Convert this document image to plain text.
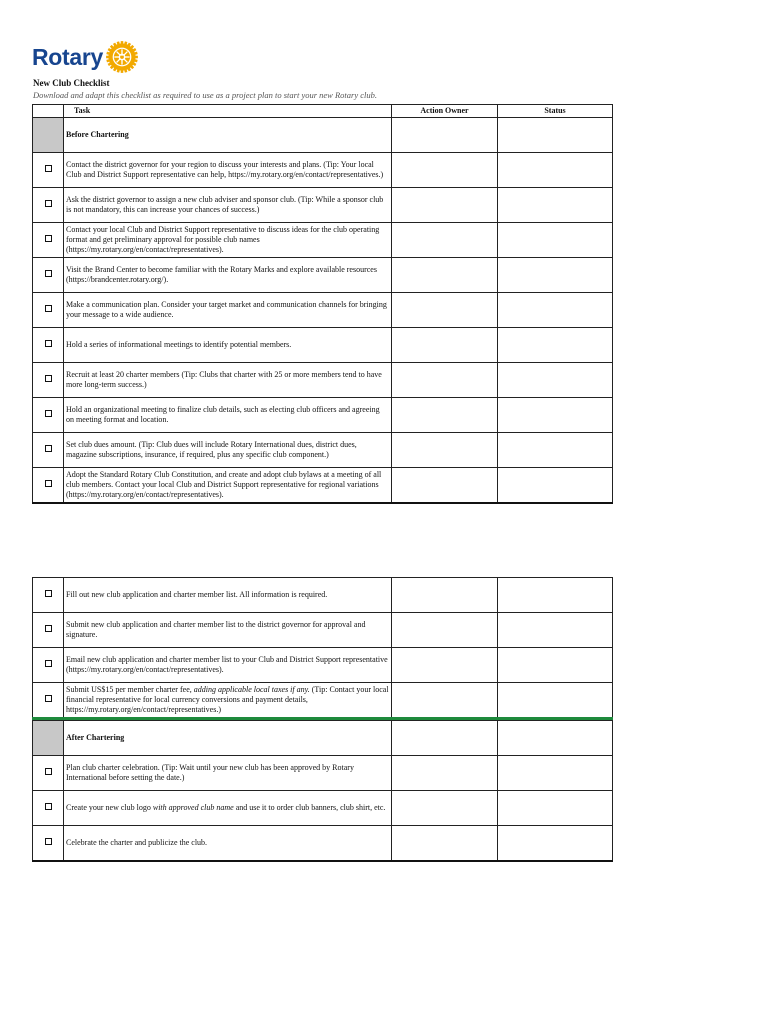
Rotary
New Club Checklist
Download and adapt this checklist as required to use as a project plan to start your new Rotary club.
	Task	Action Owner	Status
	Before Chartering		
	Contact the district governor for your region to discuss your interests and plans. (Tip: Your local Club and District Support representative can help, https://my.rotary.org/en/contact/representatives.)		
	Ask the district governor to assign a new club adviser and sponsor club. (Tip: While a sponsor club is not mandatory, this can increase your chances of success.)		
	Contact your local Club and District Support representative to discuss ideas for the club operating format and get preliminary approval for possible club names (https://my.rotary.org/en/contact/representatives).		
	Visit the Brand Center to become familiar with the Rotary Marks and explore available resources (https://brandcenter.rotary.org/).		
	Make a communication plan. Consider your target market and communication channels for bringing your message to a wide audience.		
	Hold a series of informational meetings to identify potential members.		
	Recruit at least 20 charter members (Tip: Clubs that charter with 25 or more members tend to have more long-term success.)		
	Hold an organizational meeting to finalize club details, such as electing club officers and agreeing on meeting format and location.		
	Set club dues amount. (Tip: Club dues will include Rotary International dues, district dues, magazine subscriptions, insurance, if required, plus any specific club component.)		
	Adopt the Standard Rotary Club Constitution, and create and adopt club bylaws at a meeting of all club members. Contact your local Club and District Support representative for regional variations (https://my.rotary.org/en/contact/representatives).		
	Fill out new club application and charter member list. All information is required.		
	Submit new club application and charter member list to the district governor for approval and signature.		
	Email new club application and charter member list to your Club and District Support representative (https://my.rotary.org/en/contact/representatives).		
	Submit US$15 per member charter fee, adding applicable local taxes if any. (Tip: Contact your local financial representative for local currency conversions and payment details, https://my.rotary.org/en/contact/representatives.)		

	After Chartering		
	Plan club charter celebration. (Tip: Wait until your new club has been approved by Rotary International before setting the date.)		
	Create your new club logo with approved club name and use it to order club banners, club shirt, etc.		
	Celebrate the charter and publicize the club.		
